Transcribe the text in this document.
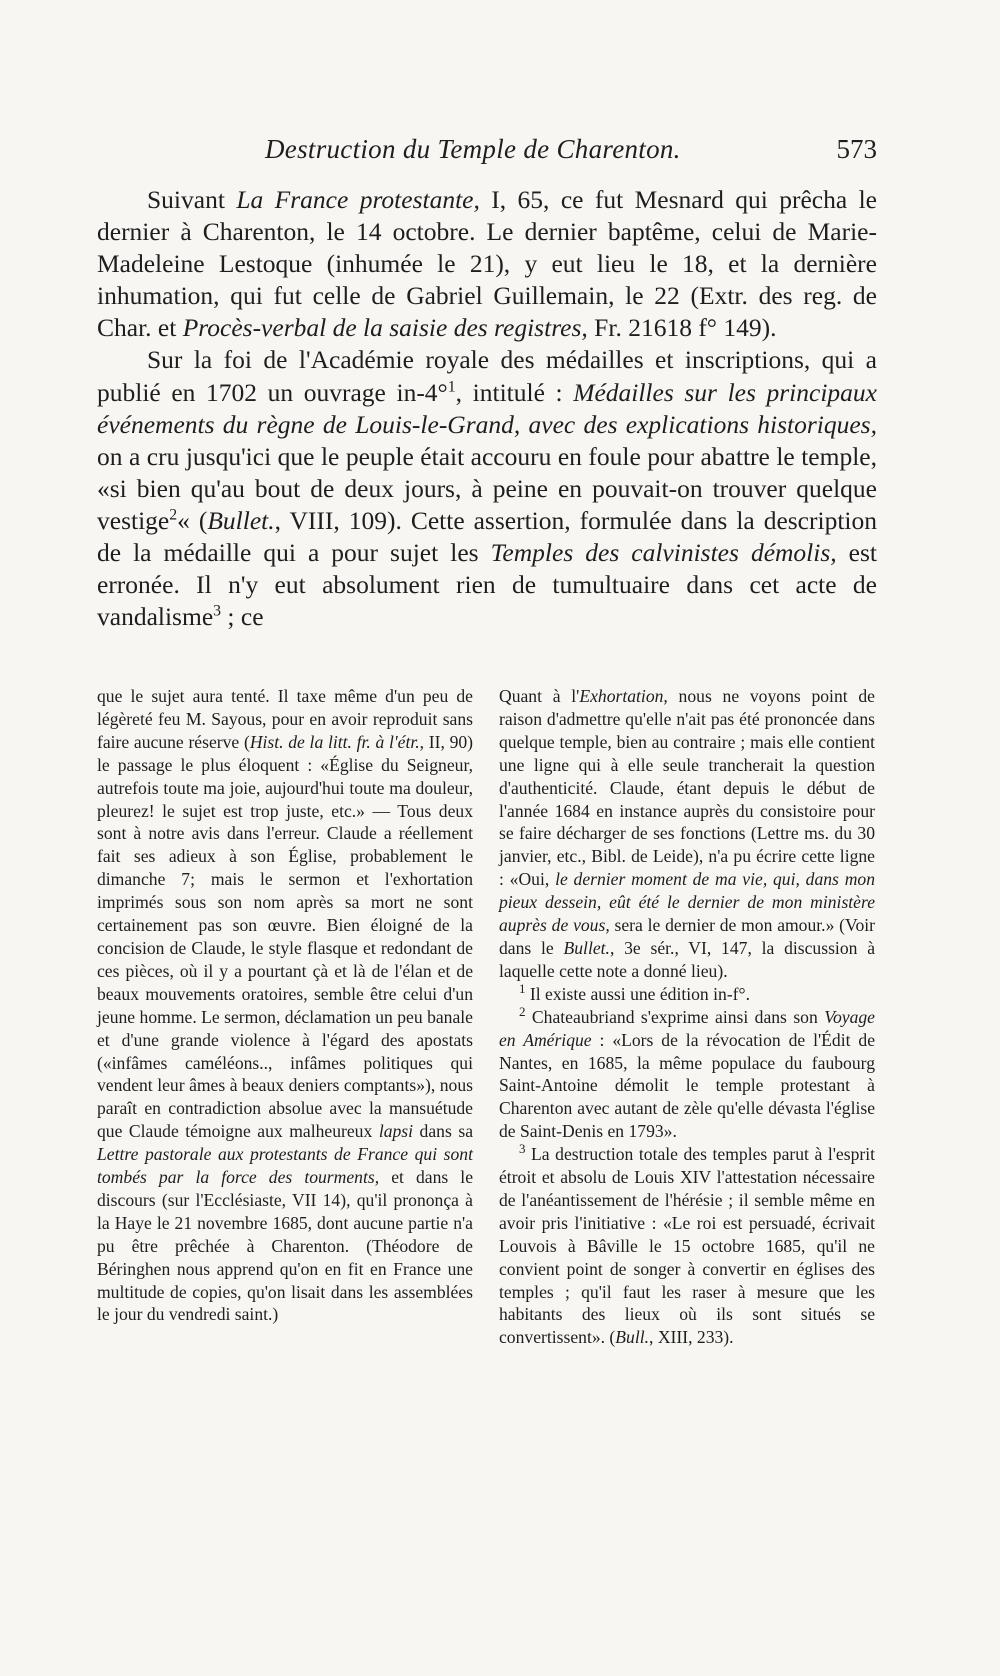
Destruction du Temple de Charenton.	573

Suivant La France protestante, I, 65, ce fut Mesnard qui prêcha le dernier à Charenton, le 14 octobre. Le dernier baptême, celui de Marie-Madeleine Lestoque (inhumée le 21), y eut lieu le 18, et la dernière inhumation, qui fut celle de Gabriel Guillemain, le 22 (Extr. des reg. de Char. et Procès-verbal de la saisie des registres, Fr. 21618 f° 149).

Sur la foi de l'Académie royale des médailles et inscriptions, qui a publié en 1702 un ouvrage in-4°$^1$, intitulé : Médailles sur les principaux événements du règne de Louis-le-Grand, avec des explications historiques, on a cru jusqu'ici que le peuple était accouru en foule pour abattre le temple, «si bien qu'au bout de deux jours, à peine en pouvait-on trouver quelque vestige$^2$« (Bullet., VIII, 109). Cette assertion, formulée dans la description de la médaille qui a pour sujet les Temples des calvinistes démolis, est erronée. Il n'y eut absolument rien de tumultuaire dans cet acte de vandalisme$^3$ ; ce

que le sujet aura tenté. Il taxe même d'un peu de légèreté feu M. Sayous, pour en avoir reproduit sans faire aucune réserve (Hist. de la litt. fr. à l'étr., II, 90) le passage le plus éloquent : «Église du Seigneur, autrefois toute ma joie, aujourd'hui toute ma douleur, pleurez! le sujet est trop juste, etc.» — Tous deux sont à notre avis dans l'erreur. Claude a réellement fait ses adieux à son Église, probablement le dimanche 7; mais le sermon et l'exhortation imprimés sous son nom après sa mort ne sont certainement pas son œuvre. Bien éloigné de la concision de Claude, le style flasque et redondant de ces pièces, où il y a pourtant çà et là de l'élan et de beaux mouvements oratoires, semble être celui d'un jeune homme. Le sermon, déclamation un peu banale et d'une grande violence à l'égard des apostats («infâmes caméléons.., infâmes politiques qui vendent leur âmes à beaux deniers comptants»), nous paraît en contradiction absolue avec la mansuétude que Claude témoigne aux malheureux lapsi dans sa Lettre pastorale aux protestants de France qui sont tombés par la force des tourments, et dans le discours (sur l'Ecclésiaste, VII 14), qu'il prononça à la Haye le 21 novembre 1685, dont aucune partie n'a pu être prêchée à Charenton. (Théodore de Béringhen nous apprend qu'on en fit en France une multitude de copies, qu'on lisait dans les assemblées le jour du vendredi saint.)

Quant à l'Exhortation, nous ne voyons point de raison d'admettre qu'elle n'ait pas été prononcée dans quelque temple, bien au contraire ; mais elle contient une ligne qui à elle seule trancherait la question d'authenticité. Claude, étant depuis le début de l'année 1684 en instance auprès du consistoire pour se faire décharger de ses fonctions (Lettre ms. du 30 janvier, etc., Bibl. de Leide), n'a pu écrire cette ligne : «Oui, le dernier moment de ma vie, qui, dans mon pieux dessein, eût été le dernier de mon ministère auprès de vous, sera le dernier de mon amour.» (Voir dans le Bullet., 3e sér., VI, 147, la discussion à laquelle cette note a donné lieu).

$^1$ Il existe aussi une édition in-f°.

$^2$ Chateaubriand s'exprime ainsi dans son Voyage en Amérique : «Lors de la révocation de l'Édit de Nantes, en 1685, la même populace du faubourg Saint-Antoine démolit le temple protestant à Charenton avec autant de zèle qu'elle dévasta l'église de Saint-Denis en 1793».

$^3$ La destruction totale des temples parut à l'esprit étroit et absolu de Louis XIV l'attestation nécessaire de l'anéantissement de l'hérésie ; il semble même en avoir pris l'initiative : «Le roi est persuadé, écrivait Louvois à Bâville le 15 octobre 1685, qu'il ne convient point de songer à convertir en églises des temples ; qu'il faut les raser à mesure que les habitants des lieux où ils sont situés se convertissent». (Bull., XIII, 233).
